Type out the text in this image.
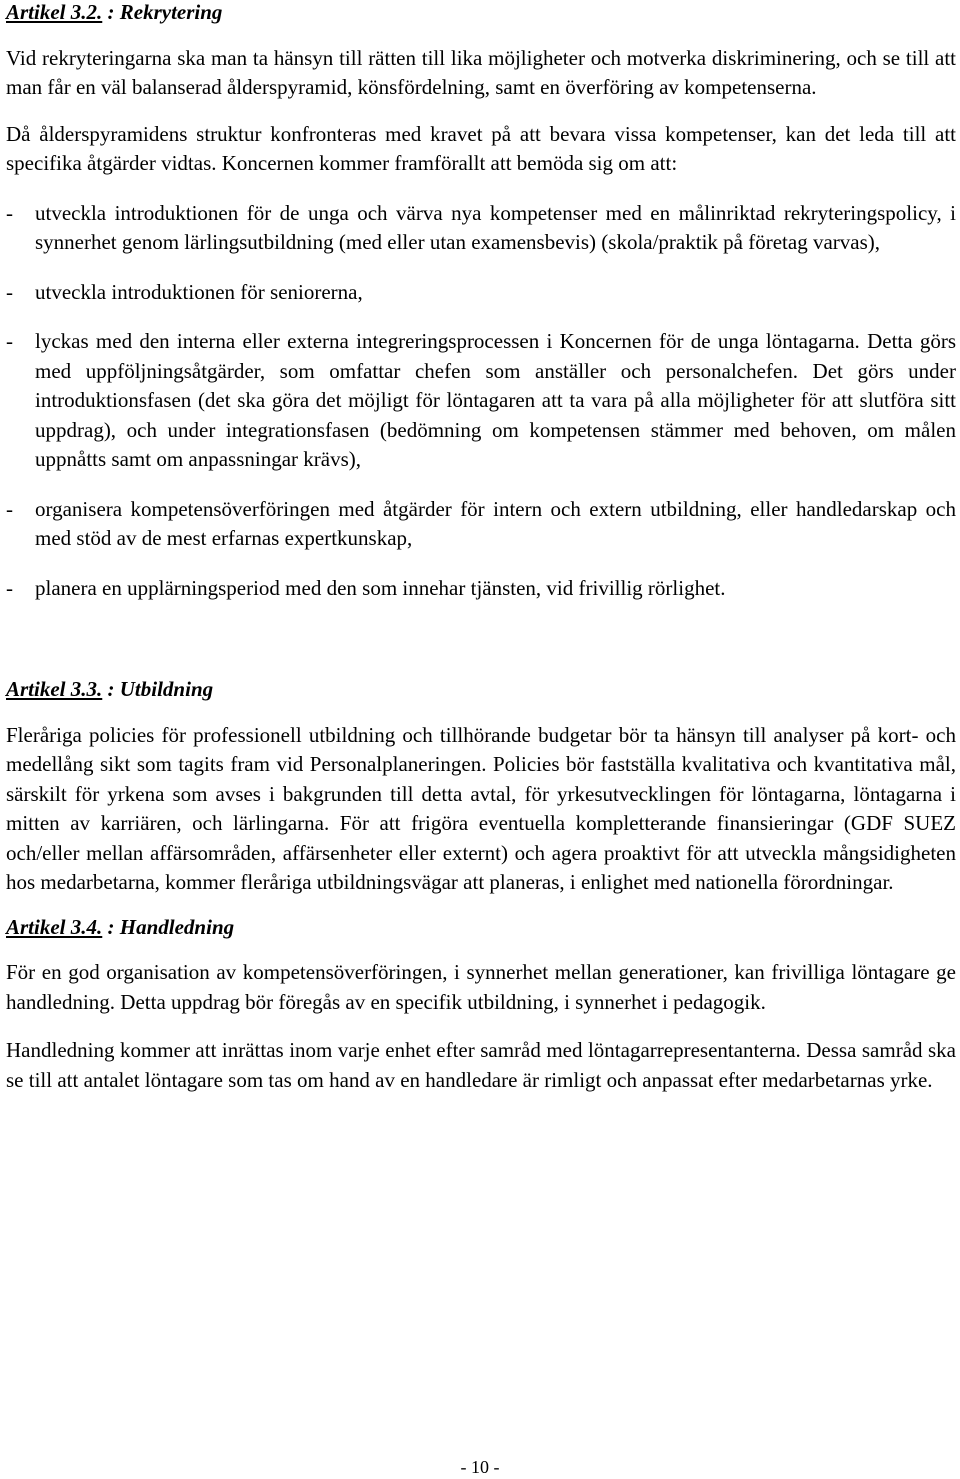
Artikel 3.2. : Rekrytering

Vid rekryteringarna ska man ta hänsyn till rätten till lika möjligheter och motverka diskriminering, och se till att man får en väl balanserad ålderspyramid, könsfördelning, samt en överföring av kompetenserna.

Då ålderspyramidens struktur konfronteras med kravet på att bevara vissa kompetenser, kan det leda till att specifika åtgärder vidtas. Koncernen kommer framförallt att bemöda sig om att:

-	utveckla introduktionen för de unga och värva nya kompetenser med en målinriktad rekryteringspolicy, i synnerhet genom lärlingsutbildning (med eller utan examensbevis) (skola/praktik på företag varvas),
-	utveckla introduktionen för seniorerna,
-	lyckas med den interna eller externa integreringsprocessen i Koncernen för de unga löntagarna. Detta görs med uppföljningsåtgärder, som omfattar chefen som anställer och personalchefen. Det görs under introduktionsfasen (det ska göra det möjligt för löntagaren att ta vara på alla möjligheter för att slutföra sitt uppdrag), och under integrationsfasen (bedömning om kompetensen stämmer med behoven, om målen uppnåtts samt om anpassningar krävs),
-	organisera kompetensöverföringen med åtgärder för intern och extern utbildning, eller handledarskap och med stöd av de mest erfarnas expertkunskap,
-	planera en upplärningsperiod med den som innehar tjänsten, vid frivillig rörlighet.
Artikel 3.3. : Utbildning

Fleråriga policies för professionell utbildning och tillhörande budgetar bör ta hänsyn till analyser på kort- och medellång sikt som tagits fram vid Personalplaneringen. Policies bör fastställa kvalitativa och kvantitativa mål, särskilt för yrkena som avses i bakgrunden till detta avtal, för yrkesutvecklingen för löntagarna, löntagarna i mitten av karriären, och lärlingarna. För att frigöra eventuella kompletterande finansieringar (GDF SUEZ och/eller mellan affärsområden, affärsenheter eller externt) och agera proaktivt för att utveckla mångsidigheten hos medarbetarna, kommer fleråriga utbildningsvägar att planeras, i enlighet med nationella förordningar.

Artikel 3.4. : Handledning

För en god organisation av kompetensöverföringen, i synnerhet mellan generationer, kan frivilliga löntagare ge handledning. Detta uppdrag bör föregås av en specifik utbildning, i synnerhet i pedagogik.

Handledning kommer att inrättas inom varje enhet efter samråd med löntagarrepresentanterna. Dessa samråd ska se till att antalet löntagare som tas om hand av en handledare är rimligt och anpassat efter medarbetarnas yrke.

- 10 -
